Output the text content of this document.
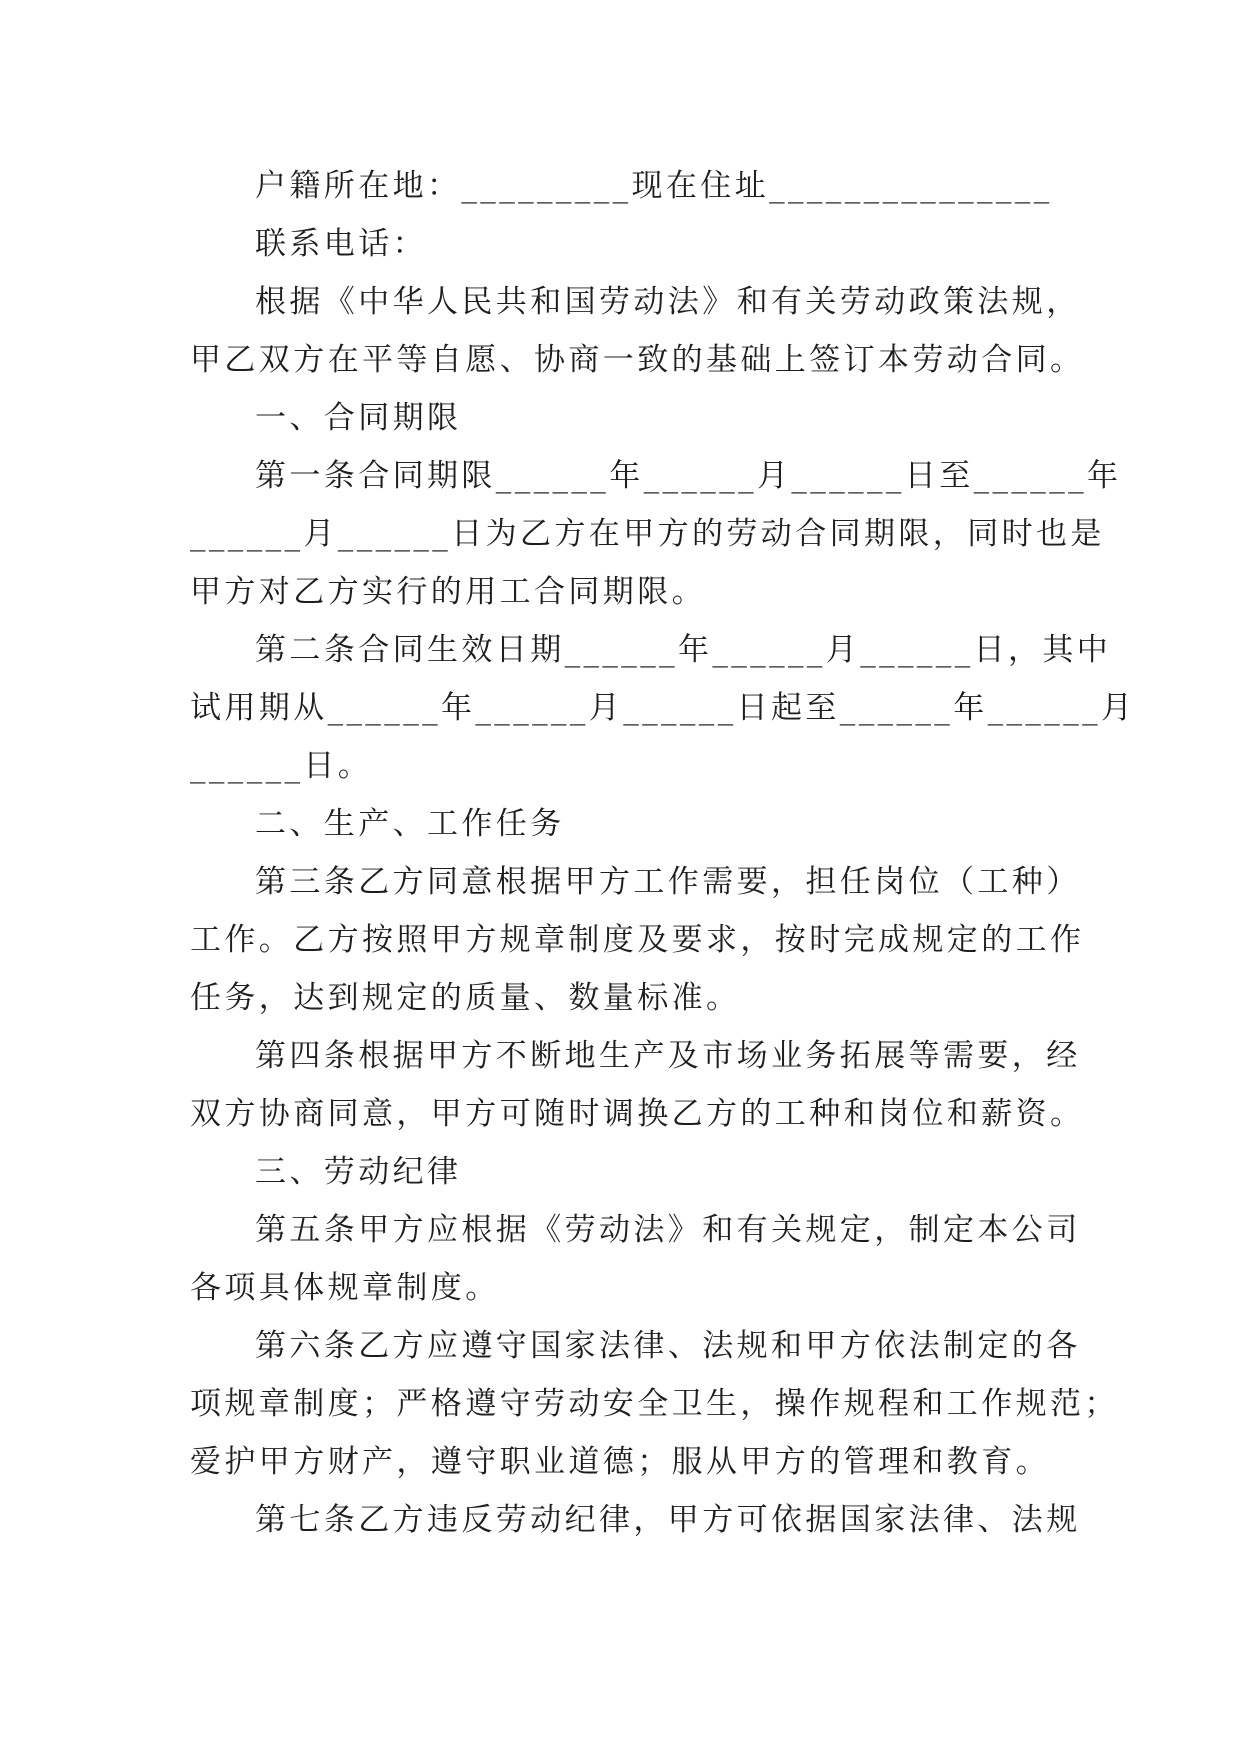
户籍所在地：_________现在住址_______________

联系电话：

根据《中华人民共和国劳动法》和有关劳动政策法规，

甲乙双方在平等自愿、协商一致的基础上签订本劳动合同。

一、合同期限

第一条合同期限______年______月______日至______年

______月______日为乙方在甲方的劳动合同期限，同时也是

甲方对乙方实行的用工合同期限。

第二条合同生效日期______年______月______日，其中

试用期从______年______月______日起至______年______月

______日。

二、生产、工作任务

第三条乙方同意根据甲方工作需要，担任岗位（工种）

工作。乙方按照甲方规章制度及要求，按时完成规定的工作

任务，达到规定的质量、数量标准。

第四条根据甲方不断地生产及市场业务拓展等需要，经

双方协商同意，甲方可随时调换乙方的工种和岗位和薪资。

三、劳动纪律

第五条甲方应根据《劳动法》和有关规定，制定本公司

各项具体规章制度。

第六条乙方应遵守国家法律、法规和甲方依法制定的各

项规章制度；严格遵守劳动安全卫生，操作规程和工作规范；

爱护甲方财产，遵守职业道德；服从甲方的管理和教育。

第七条乙方违反劳动纪律，甲方可依据国家法律、法规
